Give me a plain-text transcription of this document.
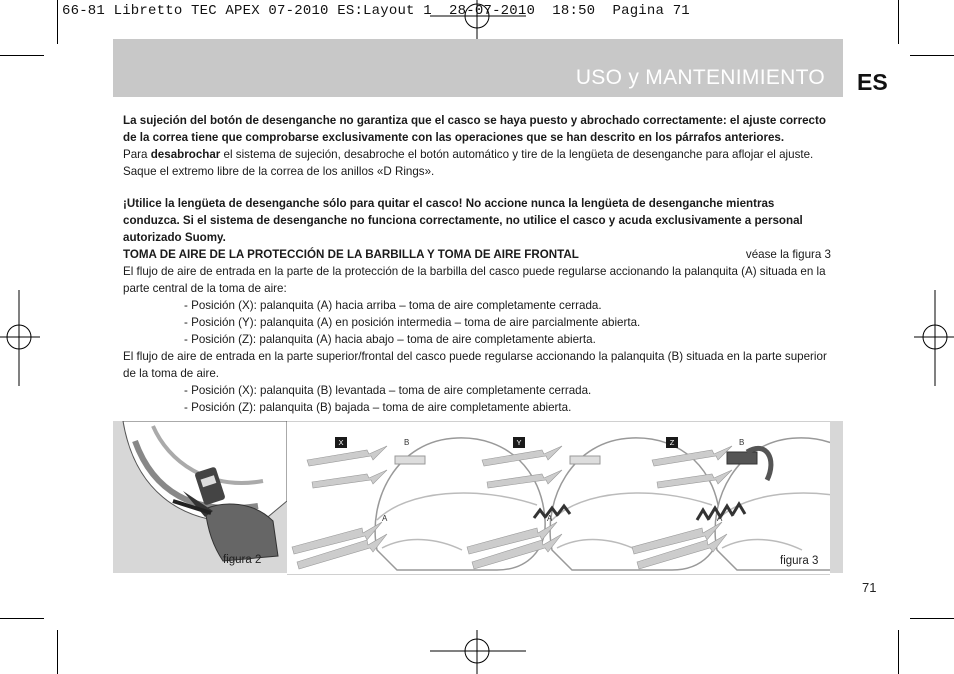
66-81 Libretto TEC APEX 07-2010 ES:Layout 1  28-07-2010  18:50  Pagina 71
USO y MANTENIMIENTO ES

La sujeción del botón de desenganche no garantiza que el casco se haya puesto y abrochado correctamente: el ajuste correcto de la correa tiene que comprobarse exclusivamente con las operaciones que se han descrito en los párrafos anteriores.

Para desabrochar el sistema de sujeción, desabroche el botón automático y tire de la lengüeta de desenganche para aflojar el ajuste. Saque el extremo libre de la correa de los anillos «D Rings».

¡Utilice la lengüeta de desenganche sólo para quitar el casco! No accione nunca la lengüeta de desenganche mientras conduzca. Si el sistema de desenganche no funciona correctamente, no utilice el casco y acuda exclusivamente a personal autorizado Suomy.
TOMA DE AIRE DE LA PROTECCIÓN DE LA BARBILLA Y TOMA DE AIRE FRONTAL	véase la figura 3

El flujo de aire de entrada en la parte de la protección de la barbilla del casco puede regularse accionando la palanquita (A) situada en la parte central de la toma de aire:

- Posición (X): palanquita (A) hacia arriba – toma de aire completamente cerrada.

- Posición (Y): palanquita (A) en posición intermedia – toma de aire parcialmente abierta.

- Posición (Z): palanquita (A) hacia abajo – toma de aire completamente abierta.

El flujo de aire de entrada en la parte superior/frontal del casco puede regularse accionando la palanquita (B) situada en la parte superior de la toma de aire.

- Posición (X): palanquita (B) levantada – toma de aire completamente cerrada.

- Posición (Z): palanquita (B) bajada – toma de aire completamente abierta.

figura 2
X	B
A
Y
A
Z	B
A
figura 3
71
